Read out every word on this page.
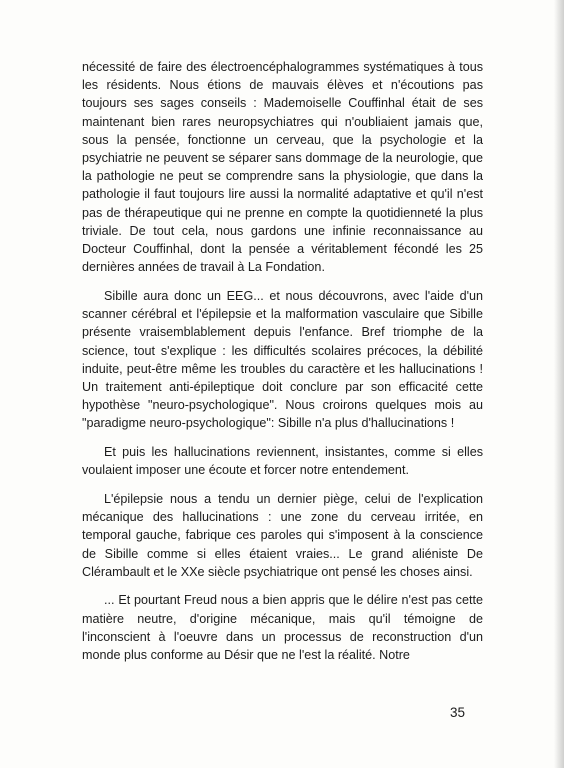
nécessité de faire des électroencéphalogrammes systématiques à tous les résidents. Nous étions de mauvais élèves et n'écoutions pas toujours ses sages conseils : Mademoiselle Couffinhal était de ses maintenant bien rares neuropsychiatres qui n'oubliaient jamais que, sous la pensée, fonctionne un cerveau, que la psychologie et la psychiatrie ne peuvent se séparer sans dommage de la neurologie, que la pathologie ne peut se comprendre sans la physiologie, que dans la pathologie il faut toujours lire aussi la normalité adaptative et qu'il n'est pas de thérapeutique qui ne prenne en compte la quotidienneté la plus triviale. De tout cela, nous gardons une infinie reconnaissance au Docteur Couffinhal, dont la pensée a véritablement fécondé les 25 dernières années de travail à La Fondation.

Sibille aura donc un EEG... et nous découvrons, avec l'aide d'un scanner cérébral et l'épilepsie et la malformation vasculaire que Sibille présente vraisemblablement depuis l'enfance. Bref triomphe de la science, tout s'explique : les difficultés scolaires précoces, la débilité induite, peut-être même les troubles du caractère et les hallucinations ! Un traitement anti-épileptique doit conclure par son efficacité cette hypothèse "neuro-psychologique". Nous croirons quelques mois au "paradigme neuro-psychologique": Sibille n'a plus d'hallucinations !

Et puis les hallucinations reviennent, insistantes, comme si elles voulaient imposer une écoute et forcer notre entendement.

L'épilepsie nous a tendu un dernier piège, celui de l'explication mécanique des hallucinations : une zone du cerveau irritée, en temporal gauche, fabrique ces paroles qui s'imposent à la conscience de Sibille comme si elles étaient vraies... Le grand aliéniste De Clérambault et le XXe siècle psychiatrique ont pensé les choses ainsi.

... Et pourtant Freud nous a bien appris que le délire n'est pas cette matière neutre, d'origine mécanique, mais qu'il témoigne de l'inconscient à l'oeuvre dans un processus de reconstruction d'un monde plus conforme au Désir que ne l'est la réalité. Notre

35
